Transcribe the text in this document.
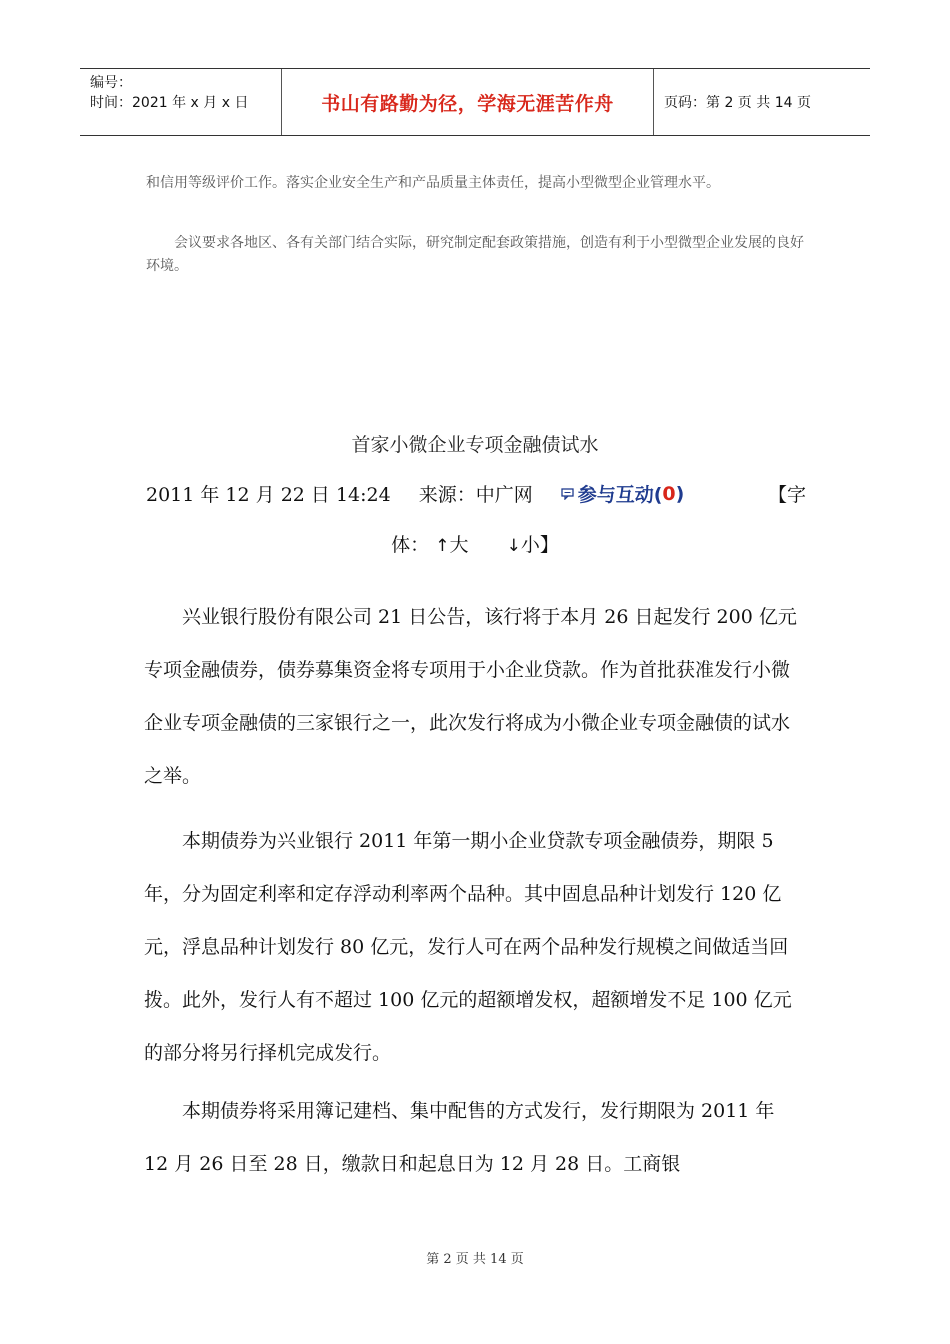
编号：
时间：2021 年 x 月 x 日	书山有路勤为径，学海无涯苦作舟	页码：第 2 页 共 14 页

和信用等级评价工作。落实企业安全生产和产品质量主体责任，提高小型微型企业管理水平。

　　会议要求各地区、各有关部门结合实际，研究制定配套政策措施，创造有利于小型微型企业发展的良好环境。

首家小微企业专项金融债试水
2011 年 12 月 22 日 14:24 来源：中广网 参与互动( 0 )	【字
体： ↑大 ↓小】

　　兴业银行股份有限公司 21 日公告，该行将于本月 26 日起发行 200 亿元专项金融债券，债券募集资金将专项用于小企业贷款。作为首批获准发行小微企业专项金融债的三家银行之一，此次发行将成为小微企业专项金融债的试水之举。

　　本期债券为兴业银行 2011 年第一期小企业贷款专项金融债券，期限 5 年，分为固定利率和定存浮动利率两个品种。其中固息品种计划发行 120 亿元，浮息品种计划发行 80 亿元，发行人可在两个品种发行规模之间做适当回拨。此外，发行人有不超过 100 亿元的超额增发权，超额增发不足 100 亿元的部分将另行择机完成发行。

　　本期债券将采用簿记建档、集中配售的方式发行，发行期限为 2011 年 12 月 26 日至 28 日，缴款日和起息日为 12 月 28 日。工商银

第 2 页 共 14 页
